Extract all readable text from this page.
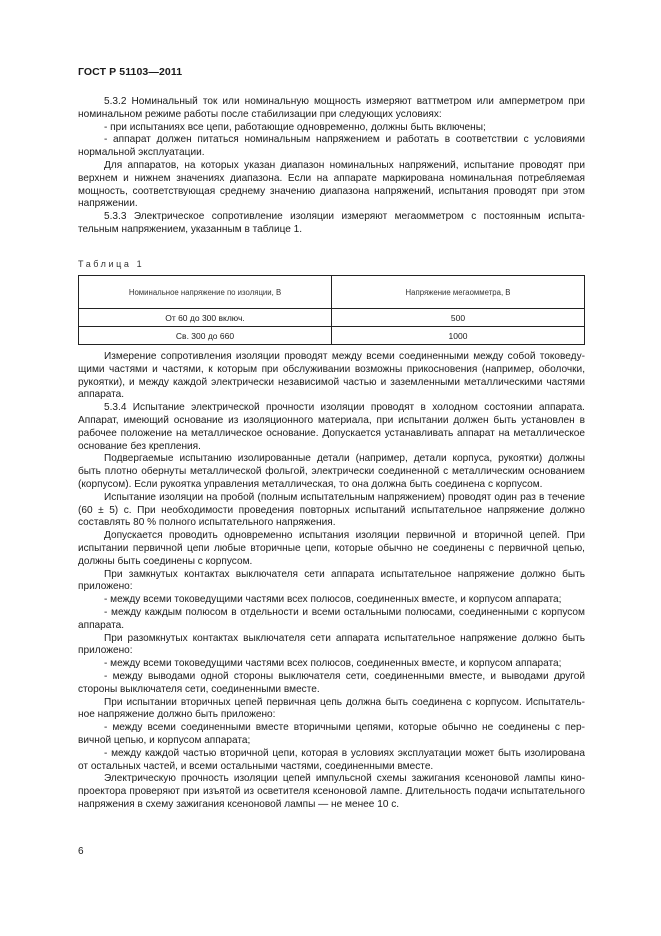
ГОСТ Р 51103—2011

5.3.2 Номинальный ток или номинальную мощность измеряют ваттметром или амперметром при номинальном режиме работы после стабилизации при следующих условиях:

- при испытаниях все цепи, работающие одновременно, должны быть включены;

- аппарат должен питаться номинальным напряжением и работать в соответствии с условиями нормальной эксплуатации.

Для аппаратов, на которых указан диапазон номинальных напряжений, испытание проводят при верхнем и нижнем значениях диапазона. Если на аппарате маркирована номинальная потребляемая мощность, соответствующая среднему значению диапазона напряжений, испытания проводят при этом напряжении.

5.3.3 Электрическое сопротивление изоляции измеряют мегаомметром с постоянным испытательным напряжением, указанным в таблице 1.

Таблица 1
Номинальное напряжение по изоляции, В	Напряжение мегаомметра, В
От 60 до 300 включ.	500
Св. 300 до 660	1000

Измерение сопротивления изоляции проводят между всеми соединенными между собой токоведущими частями и частями, к которым при обслуживании возможны прикосновения (например, оболочки, рукоятки), и между каждой электрически независимой частью и заземленными металлическими частями аппарата.

5.3.4 Испытание электрической прочности изоляции проводят в холодном состоянии аппарата. Аппарат, имеющий основание из изоляционного материала, при испытании должен быть установлен в рабочее положение на металлическое основание. Допускается устанавливать аппарат на металлическое основание без крепления.

Подвергаемые испытанию изолированные детали (например, детали корпуса, рукоятки) должны быть плотно обернуты металлической фольгой, электрически соединенной с металлическим основанием (корпусом). Если рукоятка управления металлическая, то она должна быть соединена с корпусом.

Испытание изоляции на пробой (полным испытательным напряжением) проводят один раз в течение (60 ± 5) с. При необходимости проведения повторных испытаний испытательное напряжение должно составлять 80 % полного испытательного напряжения.

Допускается проводить одновременно испытания изоляции первичной и вторичной цепей. При испытании первичной цепи любые вторичные цепи, которые обычно не соединены с первичной цепью, должны быть соединены с корпусом.

При замкнутых контактах выключателя сети аппарата испытательное напряжение должно быть приложено:

- между всеми токоведущими частями всех полюсов, соединенных вместе, и корпусом аппарата;

- между каждым полюсом в отдельности и всеми остальными полюсами, соединенными с корпусом аппарата.

При разомкнутых контактах выключателя сети аппарата испытательное напряжение должно быть приложено:

- между всеми токоведущими частями всех полюсов, соединенных вместе, и корпусом аппарата;

- между выводами одной стороны выключателя сети, соединенными вместе, и выводами другой стороны выключателя сети, соединенными вместе.

При испытании вторичных цепей первичная цепь должна быть соединена с корпусом. Испытательное напряжение должно быть приложено:

- между всеми соединенными вместе вторичными цепями, которые обычно не соединены с первичной цепью, и корпусом аппарата;

- между каждой частью вторичной цепи, которая в условиях эксплуатации может быть изолирована от остальных частей, и всеми остальными частями, соединенными вместе.

Электрическую прочность изоляции цепей импульсной схемы зажигания ксеноновой лампы кинопроектора проверяют при изъятой из осветителя ксеноновой лампе. Длительность подачи испытательного напряжения в схему зажигания ксеноновой лампы — не менее 10 с.

6
